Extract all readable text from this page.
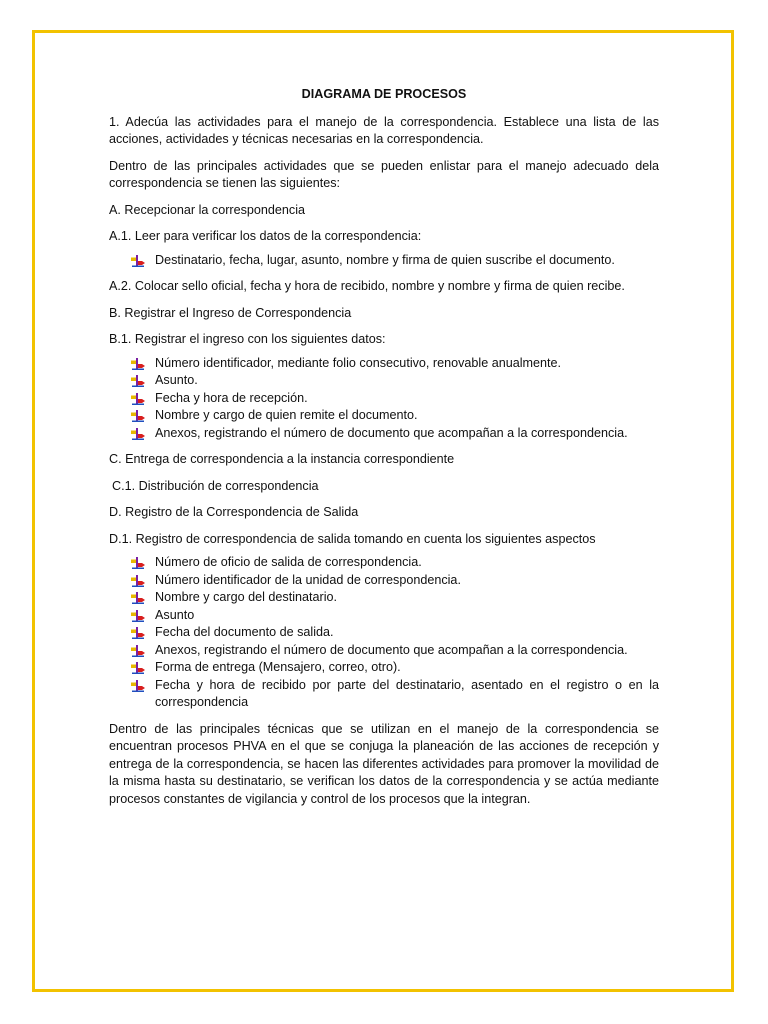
DIAGRAMA DE PROCESOS

1. Adecúa las actividades para el manejo de la correspondencia. Establece una lista de las acciones, actividades y técnicas necesarias en la correspondencia.

Dentro de las principales actividades que se pueden enlistar para el manejo adecuado dela correspondencia se tienen las siguientes:

A. Recepcionar la correspondencia

A.1. Leer para verificar los datos de la correspondencia:

Destinatario, fecha, lugar, asunto, nombre y firma de quien suscribe el documento.

A.2. Colocar sello oficial, fecha y hora de recibido, nombre y nombre y firma de quien recibe.

B. Registrar el Ingreso de Correspondencia

B.1. Registrar el ingreso con los siguientes datos:

Número identificador, mediante folio consecutivo, renovable anualmente.
Asunto.
Fecha y hora de recepción.
Nombre y cargo de quien remite el documento.
Anexos, registrando el número de documento que acompañan a la correspondencia.

C. Entrega de correspondencia a la instancia correspondiente

C.1. Distribución de correspondencia

D. Registro de la Correspondencia de Salida

D.1. Registro de correspondencia de salida tomando en cuenta los siguientes aspectos

Número de oficio de salida de correspondencia.
Número identificador de la unidad de correspondencia.
Nombre y cargo del destinatario.
Asunto
Fecha del documento de salida.
Anexos, registrando el número de documento que acompañan a la correspondencia.
Forma de entrega (Mensajero, correo, otro).
Fecha y hora de recibido por parte del destinatario, asentado en el registro o en la correspondencia

Dentro de las principales técnicas que se utilizan en el manejo de la correspondencia se encuentran procesos PHVA en el que se conjuga la planeación de las acciones de recepción y entrega de la correspondencia, se hacen las diferentes actividades para promover la movilidad de la misma hasta su destinatario, se verifican los datos de la correspondencia y se actúa mediante procesos constantes de vigilancia y control de los procesos que la integran.
